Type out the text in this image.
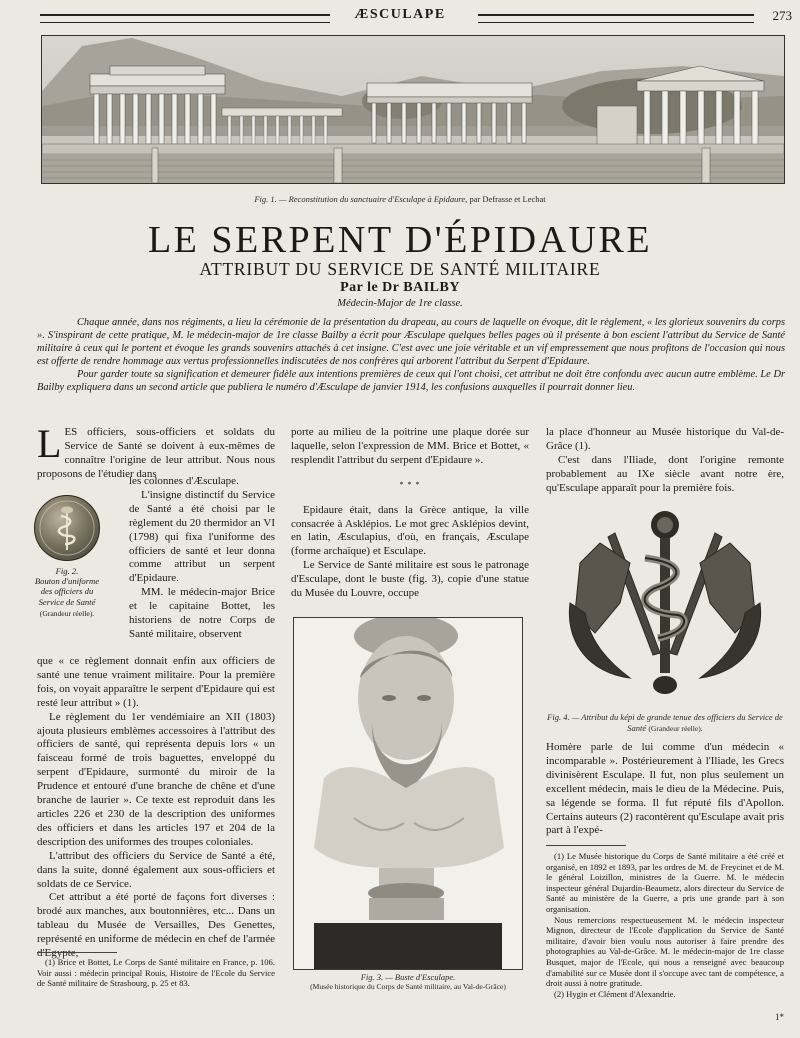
ÆSCULAPE	273
Fig. 1. — Reconstitution du sanctuaire d'Esculape à Epidaure, par Defrasse et Lechat
LE SERPENT D'ÉPIDAURE
ATTRIBUT DU SERVICE DE SANTÉ MILITAIRE
Par le Dr BAILBY
Médecin-Major de 1re classe.

Chaque année, dans nos régiments, a lieu la cérémonie de la présentation du drapeau, au cours de laquelle on évoque, dit le règlement, « les glorieux souvenirs du corps ». S'inspirant de cette pratique, M. le médecin-major de 1re classe Bailby a écrit pour Æsculape quelques belles pages où il présente à bon escient l'attribut du Service de Santé militaire à ceux qui le portent et évoque les grands souvenirs attachés à cet insigne. C'est avec une joie véritable et un vif empressement que nous profitons de l'occasion qui nous est offerte de rendre hommage aux vertus professionnelles indiscutées de nos confrères qui arborent l'attribut du Serpent d'Epidaure.

Pour garder toute sa signification et demeurer fidèle aux intentions premières de ceux qui l'ont choisi, cet attribut ne doit être confondu avec aucun autre emblème. Le Dr Bailby expliquera dans un second article que publiera le numéro d'Æsculape de janvier 1914, les confusions auxquelles il pourrait donner lieu.

LES officiers, sous-officiers et soldats du Service de Santé se doivent à eux-mêmes de connaître l'origine de leur attribut. Nous nous proposons de l'étudier dans

Fig. 2.
Bouton d'uniforme des officiers du Service de Santé
(Grandeur réelle).

les colonnes d'Æsculape.

L'insigne distinctif du Service de Santé a été choisi par le règlement du 20 thermidor an VI (1798) qui fixa l'uniforme des officiers de santé et leur donna comme attribut un serpent d'Epidaure.

MM. le médecin-major Brice et le capitaine Bottet, les historiens de notre Corps de Santé militaire, observent

que « ce règlement donnait enfin aux officiers de santé une tenue vraiment militaire. Pour la première fois, on voyait apparaître le serpent d'Epidaure qui est resté leur attribut » (1).

Le règlement du 1er vendémiaire an XII (1803) ajouta plusieurs emblèmes accessoires à l'attribut des officiers de santé, qui représenta depuis lors « un faisceau formé de trois baguettes, enveloppé du serpent d'Epidaure, surmonté du miroir de la Prudence et entouré d'une branche de chêne et d'une branche de laurier ». Ce texte est reproduit dans les articles 226 et 230 de la description des uniformes des officiers et dans les articles 197 et 204 de la description des uniformes des troupes coloniales.

L'attribut des officiers du Service de Santé a été, dans la suite, donné également aux sous-officiers et soldats de ce Service.

Cet attribut a été porté de façons fort diverses : brodé aux manches, aux boutonnières, etc... Dans un tableau du Musée de Versailles, Des Genettes, représenté en uniforme de médecin en chef de l'armée d'Egypte,

(1) Brice et Bottet, Le Corps de Santé militaire en France, p. 106. Voir aussi : médecin principal Rouis, Histoire de l'Ecole du Service de Santé militaire de Strasbourg, p. 25 et 83.

porte au milieu de la poitrine une plaque dorée sur laquelle, selon l'expression de MM. Brice et Bottet, « resplendit l'attribut du serpent d'Epidaure ».

* * *

Epidaure était, dans la Grèce antique, la ville consacrée à Asklépios. Le mot grec Asklépios devint, en latin, Æsculapius, d'où, en français, Æsculape (forme archaïque) et Esculape.

Le Service de Santé militaire est sous le patronage d'Esculape, dont le buste (fig. 3), copie d'une statue du Musée du Louvre, occupe

Fig. 3. — Buste d'Esculape.
(Musée historique du Corps de Santé militaire, au Val-de-Grâce)

la place d'honneur au Musée historique du Val-de-Grâce (1).

C'est dans l'Iliade, dont l'origine remonte probablement au IXe siècle avant notre ère, qu'Esculape apparaît pour la première fois.

Fig. 4. — Attribut du képi de grande tenue des officiers du Service de Santé (Grandeur réelle).

Homère parle de lui comme d'un médecin « incomparable ». Postérieurement à l'Iliade, les Grecs divinisèrent Esculape. Il fut, non plus seulement un excellent médecin, mais le dieu de la Médecine. Puis, sa légende se forma. Il fut réputé fils d'Apollon. Certains auteurs (2) racontèrent qu'Esculape avait pris part à l'expé-

(1) Le Musée historique du Corps de Santé militaire a été créé et organisé, en 1892 et 1893, par les ordres de M. de Freycinet et de M. le général Loizillon, ministres de la Guerre. M. le médecin inspecteur général Dujardin-Beaumetz, alors directeur du Service de Santé au ministère de la Guerre, a pris une grande part à son organisation.

Nous remercions respectueusement M. le médecin inspecteur Mignon, directeur de l'Ecole d'application du Service de Santé militaire, d'avoir bien voulu nous autoriser à faire prendre des photographies au Val-de-Grâce. M. le médecin-major de 1re classe Busquet, major de l'Ecole, qui nous a renseigné avec beaucoup d'amabilité sur ce Musée dont il s'occupe avec tant de compétence, a droit aussi à notre gratitude.

(2) Hygin et Clément d'Alexandrie.

1*
